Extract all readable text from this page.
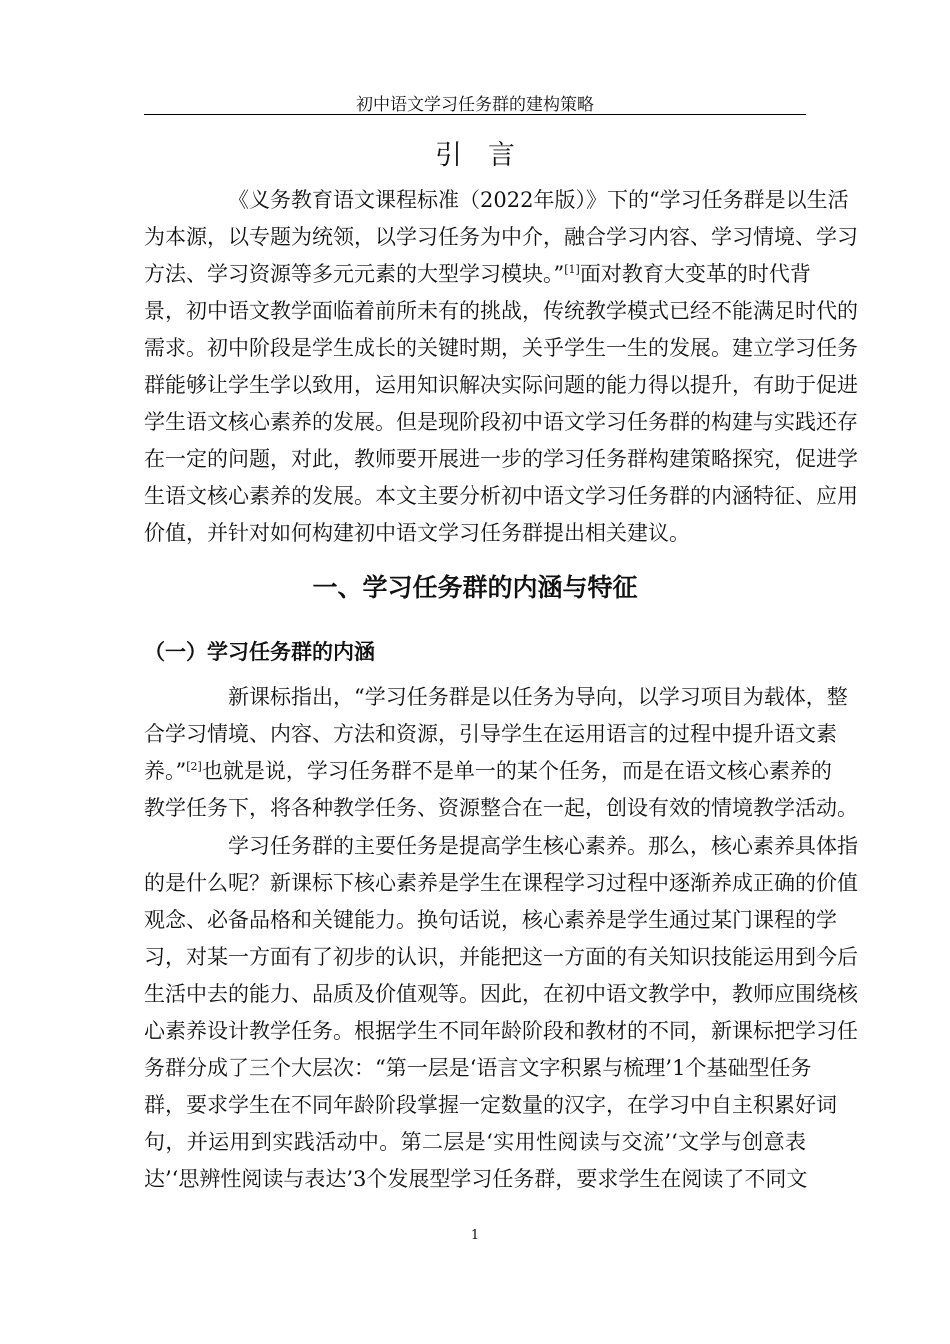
初中语文学习任务群的建构策略
引言
《义务教育语文课程标准（2022年版）》下的“学习任务群是以生活
为本源，以专题为统领，以学习任务为中介，融合学习内容、学习情境、学习
方法、学习资源等多元元素的大型学习模块。”[1]面对教育大变革的时代背
景，初中语文教学面临着前所未有的挑战，传统教学模式已经不能满足时代的
需求。初中阶段是学生成长的关键时期，关乎学生一生的发展。建立学习任务
群能够让学生学以致用，运用知识解决实际问题的能力得以提升，有助于促进
学生语文核心素养的发展。但是现阶段初中语文学习任务群的构建与实践还存
在一定的问题，对此，教师要开展进一步的学习任务群构建策略探究，促进学
生语文核心素养的发展。本文主要分析初中语文学习任务群的内涵特征、应用
价值，并针对如何构建初中语文学习任务群提出相关建议。
一、学习任务群的内涵与特征
（一）学习任务群的内涵
新课标指出，“学习任务群是以任务为导向，以学习项目为载体，整
合学习情境、内容、方法和资源，引导学生在运用语言的过程中提升语文素
养。”[2]也就是说，学习任务群不是单一的某个任务，而是在语文核心素养的
教学任务下，将各种教学任务、资源整合在一起，创设有效的情境教学活动。
学习任务群的主要任务是提高学生核心素养。那么，核心素养具体指
的是什么呢？新课标下核心素养是学生在课程学习过程中逐渐养成正确的价值
观念、必备品格和关键能力。换句话说，核心素养是学生通过某门课程的学
习，对某一方面有了初步的认识，并能把这一方面的有关知识技能运用到今后
生活中去的能力、品质及价值观等。因此，在初中语文教学中，教师应围绕核
心素养设计教学任务。根据学生不同年龄阶段和教材的不同，新课标把学习任
务群分成了三个大层次：“第一层是‘语言文字积累与梳理’1个基础型任务
群，要求学生在不同年龄阶段掌握一定数量的汉字，在学习中自主积累好词
句，并运用到实践活动中。第二层是‘实用性阅读与交流’‘文学与创意表
达’‘思辨性阅读与表达’3个发展型学习任务群，要求学生在阅读了不同文
1
